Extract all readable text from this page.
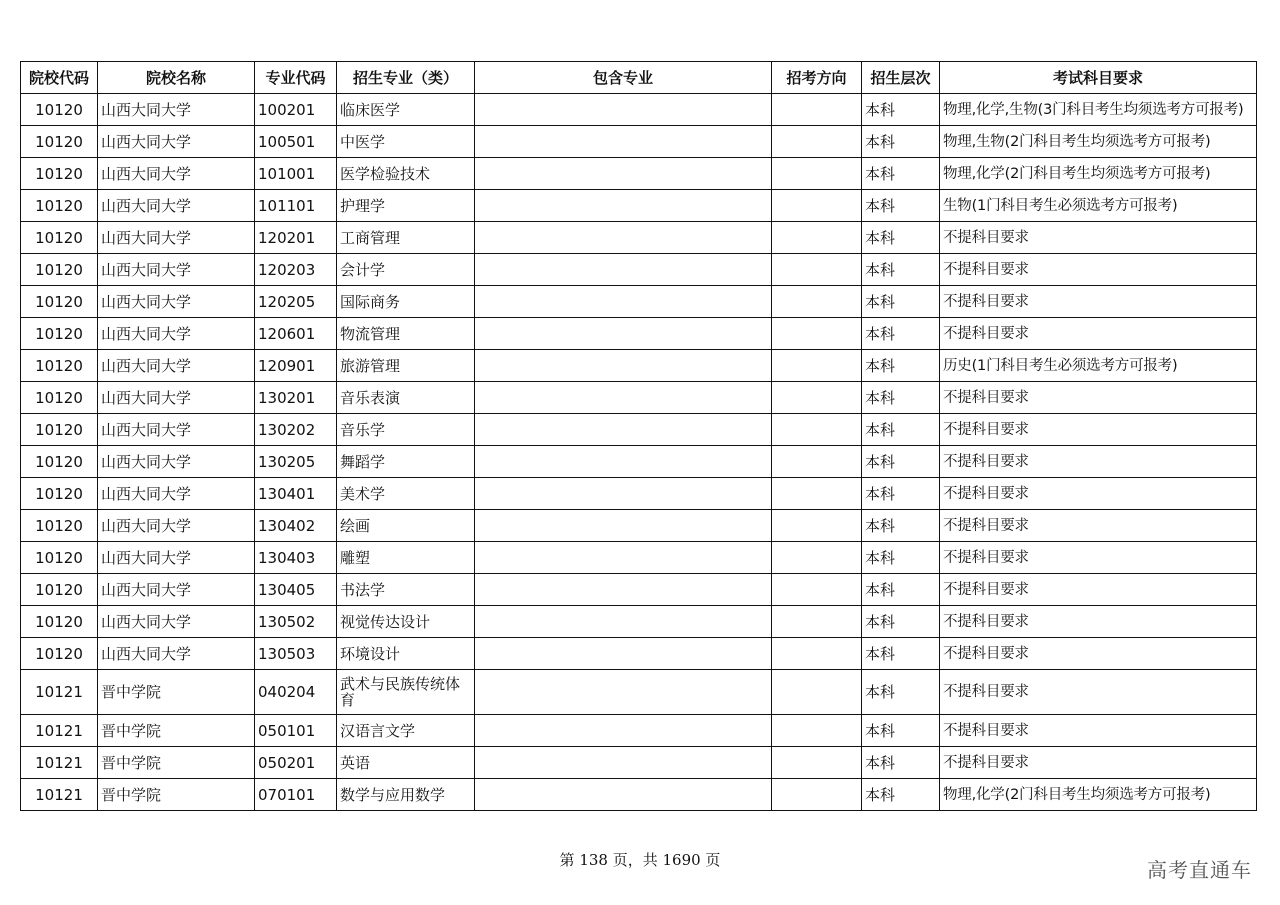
院校代码	院校名称	专业代码	招生专业（类）	包含专业	招考方向	招生层次	考试科目要求
10120	山西大同大学	100201	临床医学			本科	物理,化学,生物(3门科目考生均须选考方可报考)
10120	山西大同大学	100501	中医学			本科	物理,生物(2门科目考生均须选考方可报考)
10120	山西大同大学	101001	医学检验技术			本科	物理,化学(2门科目考生均须选考方可报考)
10120	山西大同大学	101101	护理学			本科	生物(1门科目考生必须选考方可报考)
10120	山西大同大学	120201	工商管理			本科	不提科目要求
10120	山西大同大学	120203	会计学			本科	不提科目要求
10120	山西大同大学	120205	国际商务			本科	不提科目要求
10120	山西大同大学	120601	物流管理			本科	不提科目要求
10120	山西大同大学	120901	旅游管理			本科	历史(1门科目考生必须选考方可报考)
10120	山西大同大学	130201	音乐表演			本科	不提科目要求
10120	山西大同大学	130202	音乐学			本科	不提科目要求
10120	山西大同大学	130205	舞蹈学			本科	不提科目要求
10120	山西大同大学	130401	美术学			本科	不提科目要求
10120	山西大同大学	130402	绘画			本科	不提科目要求
10120	山西大同大学	130403	雕塑			本科	不提科目要求
10120	山西大同大学	130405	书法学			本科	不提科目要求
10120	山西大同大学	130502	视觉传达设计			本科	不提科目要求
10120	山西大同大学	130503	环境设计			本科	不提科目要求
10121	晋中学院	040204	武术与民族传统体育			本科	不提科目要求
10121	晋中学院	050101	汉语言文学			本科	不提科目要求
10121	晋中学院	050201	英语			本科	不提科目要求
10121	晋中学院	070101	数学与应用数学			本科	物理,化学(2门科目考生均须选考方可报考)
第 138 页，共 1690 页	高考直通车
